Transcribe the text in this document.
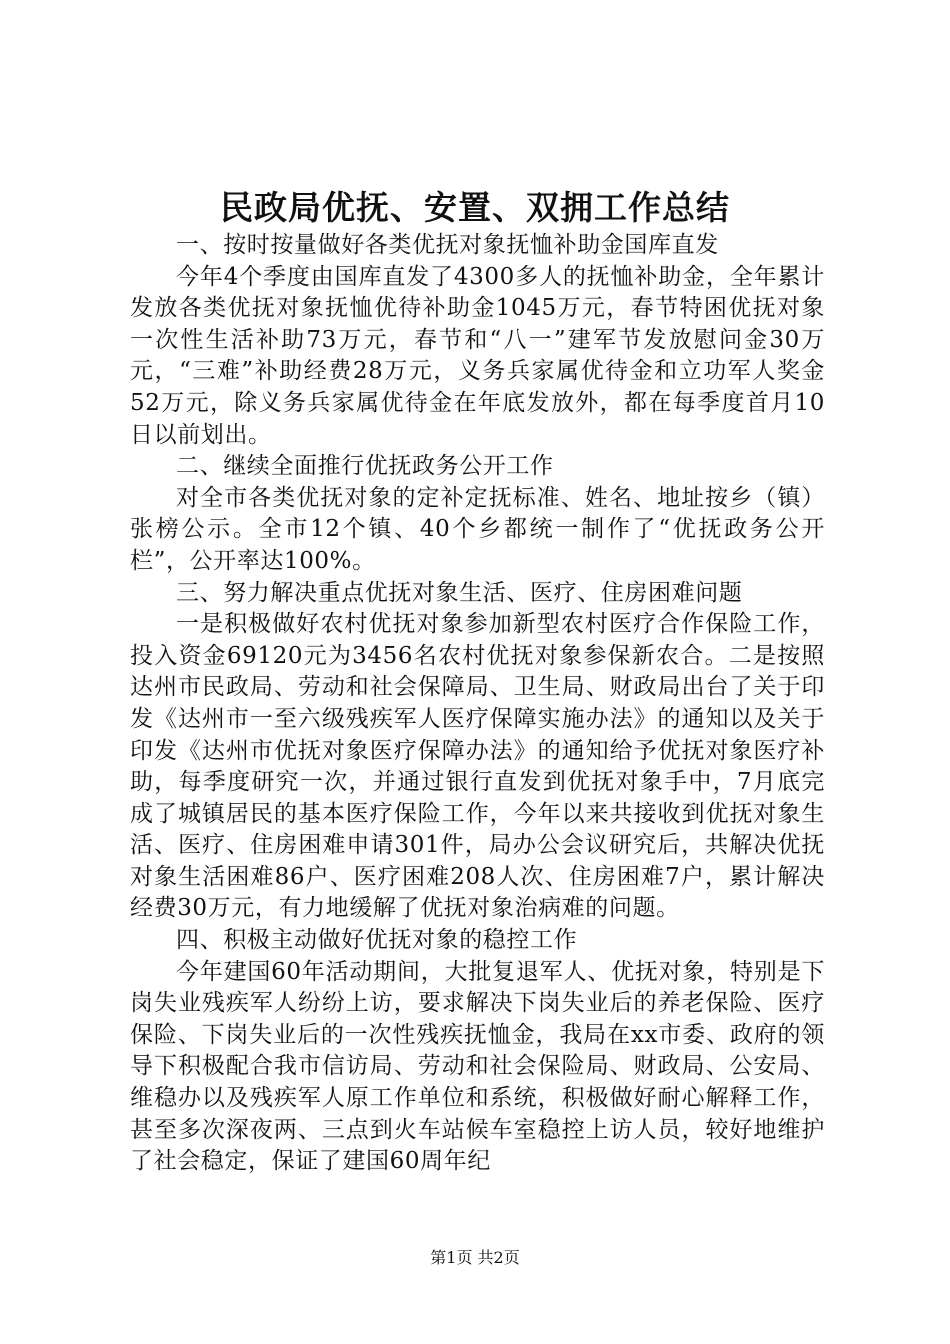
民政局优抚、安置、双拥工作总结

一、按时按量做好各类优抚对象抚恤补助金国库直发

今年4个季度由国库直发了4300多人的抚恤补助金，全年累计发放各类优抚对象抚恤优待补助金1045万元，春节特困优抚对象一次性生活补助73万元，春节和“八一”建军节发放慰问金30万元，“三难”补助经费28万元，义务兵家属优待金和立功军人奖金52万元，除义务兵家属优待金在年底发放外，都在每季度首月10日以前划出。

二、继续全面推行优抚政务公开工作

对全市各类优抚对象的定补定抚标准、姓名、地址按乡（镇）张榜公示。全市12个镇、40个乡都统一制作了“优抚政务公开栏”，公开率达100%。

三、努力解决重点优抚对象生活、医疗、住房困难问题

一是积极做好农村优抚对象参加新型农村医疗合作保险工作，投入资金69120元为3456名农村优抚对象参保新农合。二是按照达州市民政局、劳动和社会保障局、卫生局、财政局出台了关于印发《达州市一至六级残疾军人医疗保障实施办法》的通知以及关于印发《达州市优抚对象医疗保障办法》的通知给予优抚对象医疗补助，每季度研究一次，并通过银行直发到优抚对象手中，7月底完成了城镇居民的基本医疗保险工作，今年以来共接收到优抚对象生活、医疗、住房困难申请301件，局办公会议研究后，共解决优抚对象生活困难86户、医疗困难208人次、住房困难7户，累计解决经费30万元，有力地缓解了优抚对象治病难的问题。

四、积极主动做好优抚对象的稳控工作

今年建国60年活动期间，大批复退军人、优抚对象，特别是下岗失业残疾军人纷纷上访，要求解决下岗失业后的养老保险、医疗保险、下岗失业后的一次性残疾抚恤金，我局在xx市委、政府的领导下积极配合我市信访局、劳动和社会保险局、财政局、公安局、维稳办以及残疾军人原工作单位和系统，积极做好耐心解释工作，甚至多次深夜两、三点到火车站候车室稳控上访人员，较好地维护了社会稳定，保证了建国60周年纪

第1页 共2页
